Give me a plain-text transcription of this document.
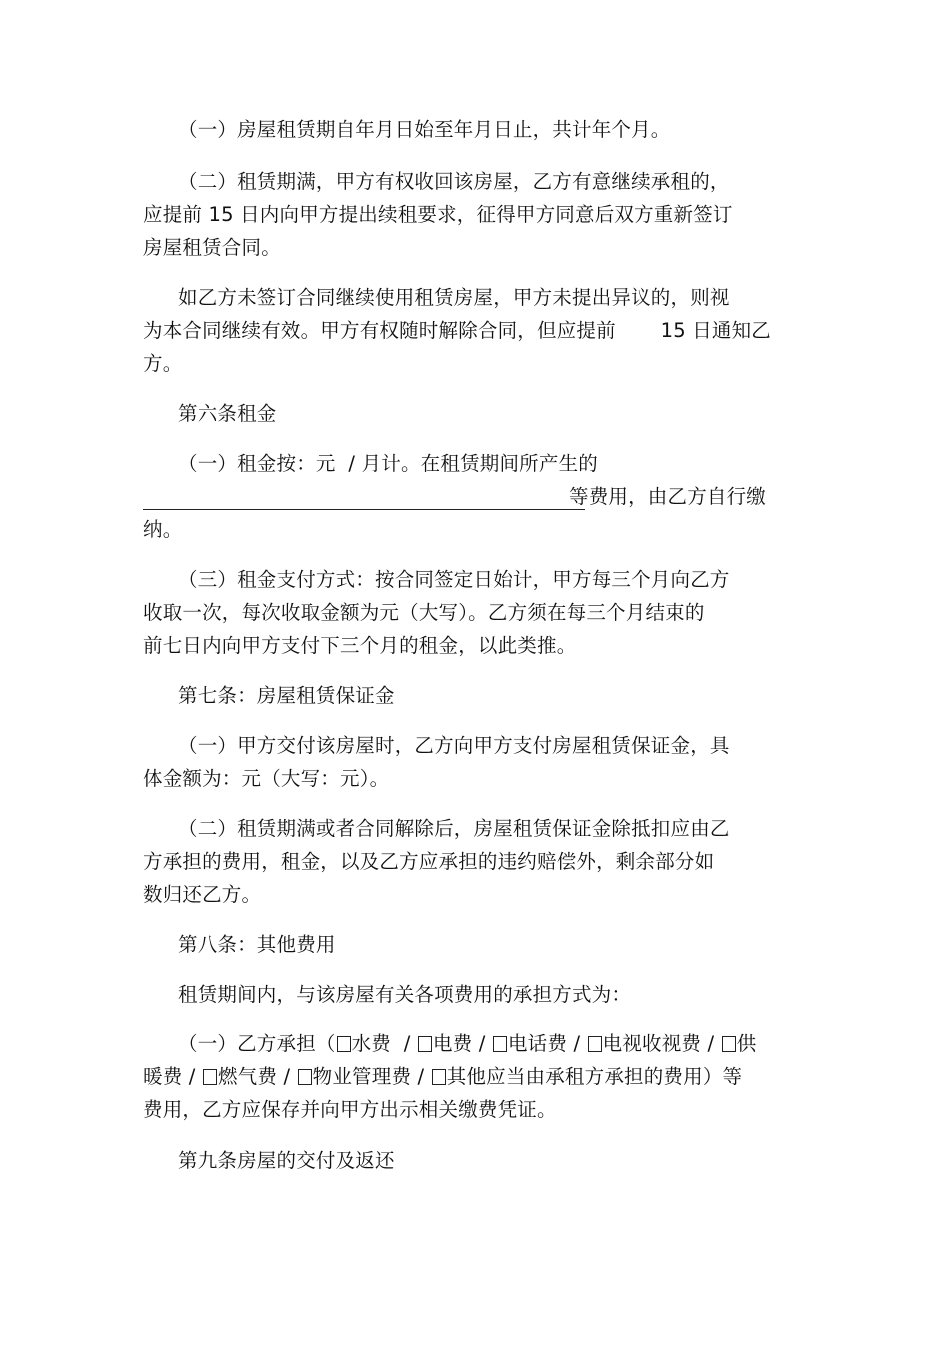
（一）房屋租赁期自年月日始至年月日止，共计年个月。

（二）租赁期满，甲方有权收回该房屋，乙方有意继续承租的，

应提前 15 日内向甲方提出续租要求，征得甲方同意后双方重新签订

房屋租赁合同。

如乙方未签订合同继续使用租赁房屋，甲方未提出异议的，则视

为本合同继续有效。甲方有权随时解除合同，但应提前       15 日通知乙

方。

第六条租金

（一）租金按：元  / 月计。在租赁期间所产生的

等费用，由乙方自行缴

纳。

（三）租金支付方式：按合同签定日始计，甲方每三个月向乙方

收取一次，每次收取金额为元（大写）。乙方须在每三个月结束的

前七日内向甲方支付下三个月的租金，以此类推。

第七条：房屋租赁保证金

（一）甲方交付该房屋时，乙方向甲方支付房屋租赁保证金，具

体金额为：元（大写：元）。

（二）租赁期满或者合同解除后，房屋租赁保证金除抵扣应由乙

方承担的费用，租金，以及乙方应承担的违约赔偿外，剩余部分如

数归还乙方。

第八条：其他费用

租赁期间内，与该房屋有关各项费用的承担方式为：

（一）乙方承担（ 水费  / 电费 / 电话费 / 电视收视费 / 供

暖费 / 燃气费 / 物业管理费 / 其他应当由承租方承担的费用）等

费用，乙方应保存并向甲方出示相关缴费凭证。

第九条房屋的交付及返还
